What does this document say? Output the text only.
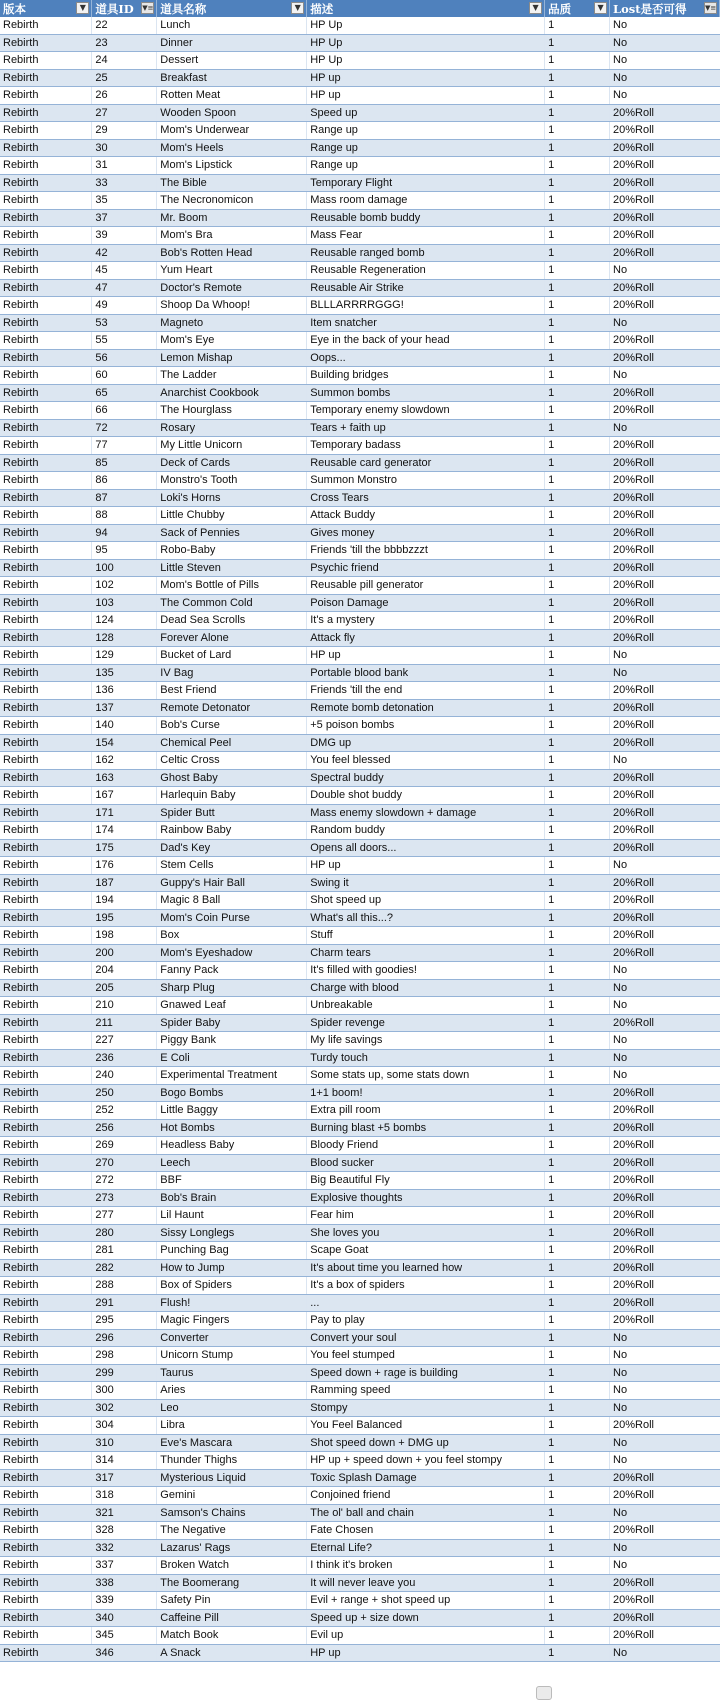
版本 ▼	道具ID ▼≡	道具名称 ▼	描述 ▼	品质 ▼	Lost是否可得 ▼≡

Rebirth	22	Lunch	HP Up	1	No
Rebirth	23	Dinner	HP Up	1	No
Rebirth	24	Dessert	HP Up	1	No
Rebirth	25	Breakfast	HP up	1	No
Rebirth	26	Rotten Meat	HP up	1	No
Rebirth	27	Wooden Spoon	Speed up	1	20%Roll
Rebirth	29	Mom's Underwear	Range up	1	20%Roll
Rebirth	30	Mom's Heels	Range up	1	20%Roll
Rebirth	31	Mom's Lipstick	Range up	1	20%Roll
Rebirth	33	The Bible	Temporary Flight	1	20%Roll
Rebirth	35	The Necronomicon	Mass room damage	1	20%Roll
Rebirth	37	Mr. Boom	Reusable bomb buddy	1	20%Roll
Rebirth	39	Mom's Bra	Mass Fear	1	20%Roll
Rebirth	42	Bob's Rotten Head	Reusable ranged bomb	1	20%Roll
Rebirth	45	Yum Heart	Reusable Regeneration	1	No
Rebirth	47	Doctor's Remote	Reusable Air Strike	1	20%Roll
Rebirth	49	Shoop Da Whoop!	BLLLARRRRGGG!	1	20%Roll
Rebirth	53	Magneto	Item snatcher	1	No
Rebirth	55	Mom's Eye	Eye in the back of your head	1	20%Roll
Rebirth	56	Lemon Mishap	Oops...	1	20%Roll
Rebirth	60	The Ladder	Building bridges	1	No
Rebirth	65	Anarchist Cookbook	Summon bombs	1	20%Roll
Rebirth	66	The Hourglass	Temporary enemy slowdown	1	20%Roll
Rebirth	72	Rosary	Tears + faith up	1	No
Rebirth	77	My Little Unicorn	Temporary badass	1	20%Roll
Rebirth	85	Deck of Cards	Reusable card generator	1	20%Roll
Rebirth	86	Monstro's Tooth	Summon Monstro	1	20%Roll
Rebirth	87	Loki's Horns	Cross Tears	1	20%Roll
Rebirth	88	Little Chubby	Attack Buddy	1	20%Roll
Rebirth	94	Sack of Pennies	Gives money	1	20%Roll
Rebirth	95	Robo-Baby	Friends 'till the bbbbzzzt	1	20%Roll
Rebirth	100	Little Steven	Psychic friend	1	20%Roll
Rebirth	102	Mom's Bottle of Pills	Reusable pill generator	1	20%Roll
Rebirth	103	The Common Cold	Poison Damage	1	20%Roll
Rebirth	124	Dead Sea Scrolls	It's a mystery	1	20%Roll
Rebirth	128	Forever Alone	Attack fly	1	20%Roll
Rebirth	129	Bucket of Lard	HP up	1	No
Rebirth	135	IV Bag	Portable blood bank	1	No
Rebirth	136	Best Friend	Friends 'till the end	1	20%Roll
Rebirth	137	Remote Detonator	Remote bomb detonation	1	20%Roll
Rebirth	140	Bob's Curse	+5 poison bombs	1	20%Roll
Rebirth	154	Chemical Peel	DMG up	1	20%Roll
Rebirth	162	Celtic Cross	You feel blessed	1	No
Rebirth	163	Ghost Baby	Spectral buddy	1	20%Roll
Rebirth	167	Harlequin Baby	Double shot buddy	1	20%Roll
Rebirth	171	Spider Butt	Mass enemy slowdown + damage	1	20%Roll
Rebirth	174	Rainbow Baby	Random buddy	1	20%Roll
Rebirth	175	Dad's Key	Opens all doors...	1	20%Roll
Rebirth	176	Stem Cells	HP up	1	No
Rebirth	187	Guppy's Hair Ball	Swing it	1	20%Roll
Rebirth	194	Magic 8 Ball	Shot speed up	1	20%Roll
Rebirth	195	Mom's Coin Purse	What's all this...?	1	20%Roll
Rebirth	198	Box	Stuff	1	20%Roll
Rebirth	200	Mom's Eyeshadow	Charm tears	1	20%Roll
Rebirth	204	Fanny Pack	It's filled with goodies!	1	No
Rebirth	205	Sharp Plug	Charge with blood	1	No
Rebirth	210	Gnawed Leaf	Unbreakable	1	No
Rebirth	211	Spider Baby	Spider revenge	1	20%Roll
Rebirth	227	Piggy Bank	My life savings	1	No
Rebirth	236	E Coli	Turdy touch	1	No
Rebirth	240	Experimental Treatment	Some stats up, some stats down	1	No
Rebirth	250	Bogo Bombs	1+1 boom!	1	20%Roll
Rebirth	252	Little Baggy	Extra pill room	1	20%Roll
Rebirth	256	Hot Bombs	Burning blast +5 bombs	1	20%Roll
Rebirth	269	Headless Baby	Bloody Friend	1	20%Roll
Rebirth	270	Leech	Blood sucker	1	20%Roll
Rebirth	272	BBF	Big Beautiful Fly	1	20%Roll
Rebirth	273	Bob's Brain	Explosive thoughts	1	20%Roll
Rebirth	277	Lil Haunt	Fear him	1	20%Roll
Rebirth	280	Sissy Longlegs	She loves you	1	20%Roll
Rebirth	281	Punching Bag	Scape Goat	1	20%Roll
Rebirth	282	How to Jump	It's about time you learned how	1	20%Roll
Rebirth	288	Box of Spiders	It's a box of spiders	1	20%Roll
Rebirth	291	Flush!	...	1	20%Roll
Rebirth	295	Magic Fingers	Pay to play	1	20%Roll
Rebirth	296	Converter	Convert your soul	1	No
Rebirth	298	Unicorn Stump	You feel stumped	1	No
Rebirth	299	Taurus	Speed down + rage is building	1	No
Rebirth	300	Aries	Ramming speed	1	No
Rebirth	302	Leo	Stompy	1	No
Rebirth	304	Libra	You Feel Balanced	1	20%Roll
Rebirth	310	Eve's Mascara	Shot speed down + DMG up	1	No
Rebirth	314	Thunder Thighs	HP up + speed down + you feel stompy	1	No
Rebirth	317	Mysterious Liquid	Toxic Splash Damage	1	20%Roll
Rebirth	318	Gemini	Conjoined friend	1	20%Roll
Rebirth	321	Samson's Chains	The ol' ball and chain	1	No
Rebirth	328	The Negative	Fate Chosen	1	20%Roll
Rebirth	332	Lazarus' Rags	Eternal Life?	1	No
Rebirth	337	Broken Watch	I think it's broken	1	No
Rebirth	338	The Boomerang	It will never leave you	1	20%Roll
Rebirth	339	Safety Pin	Evil + range + shot speed up	1	20%Roll
Rebirth	340	Caffeine Pill	Speed up + size down	1	20%Roll
Rebirth	345	Match Book	Evil up	1	20%Roll
Rebirth	346	A Snack	HP up	1	No
